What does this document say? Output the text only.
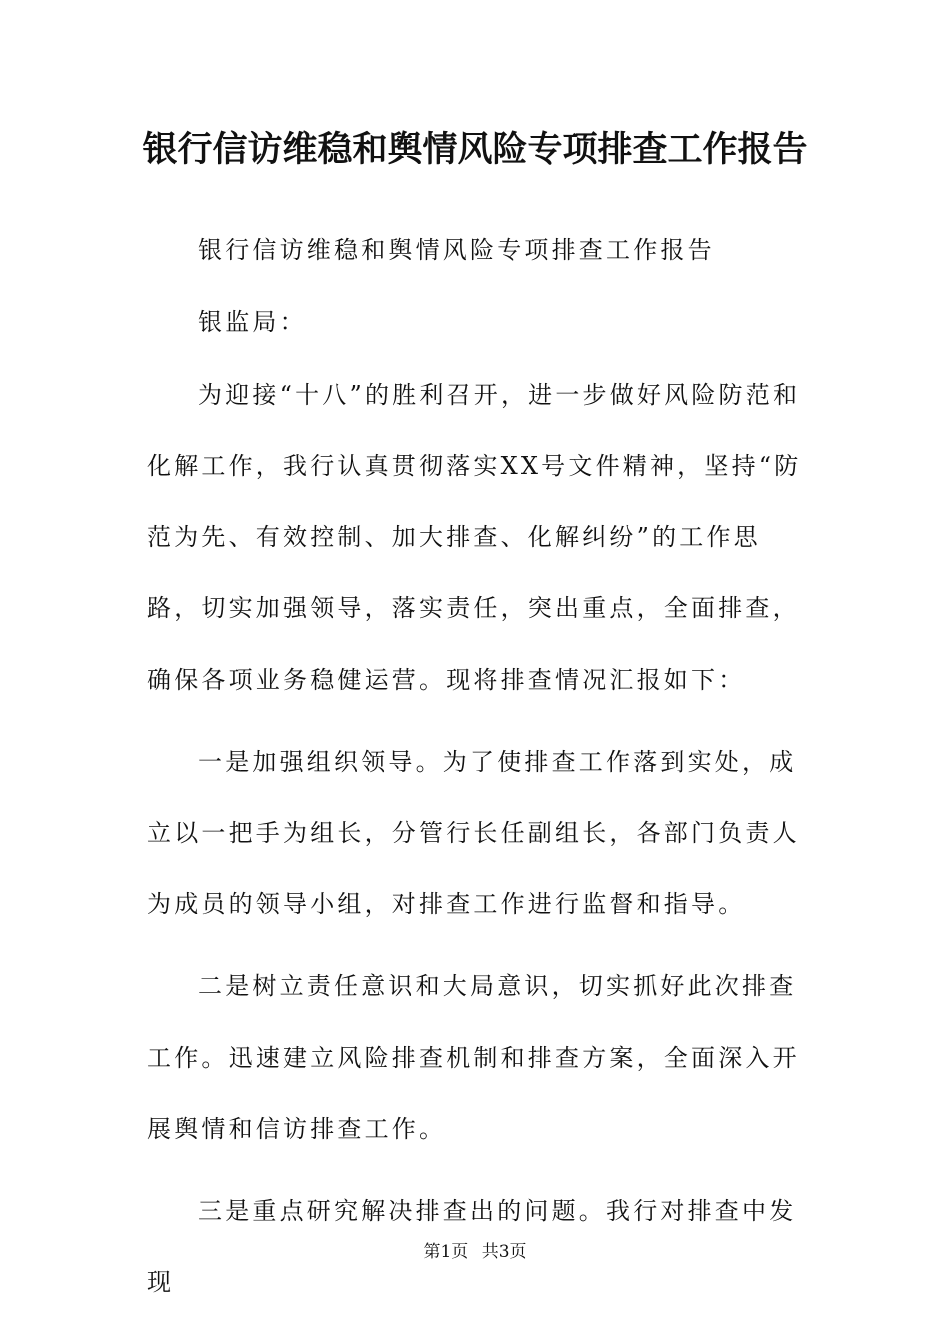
银行信访维稳和舆情风险专项排查工作报告

银行信访维稳和舆情风险专项排查工作报告

银监局：

为迎接“十八”的胜利召开，进一步做好风险防范和化解工作，我行认真贯彻落实XX号文件精神，坚持“防范为先、有效控制、加大排查、化解纠纷”的工作思路，切实加强领导，落实责任，突出重点，全面排查，确保各项业务稳健运营。现将排查情况汇报如下：

一是加强组织领导。为了使排查工作落到实处，成立以一把手为组长，分管行长任副组长，各部门负责人为成员的领导小组，对排查工作进行监督和指导。

二是树立责任意识和大局意识，切实抓好此次排查工作。迅速建立风险排查机制和排查方案，全面深入开展舆情和信访排查工作。

三是重点研究解决排查出的问题。我行对排查中发现

第1页 共3页
